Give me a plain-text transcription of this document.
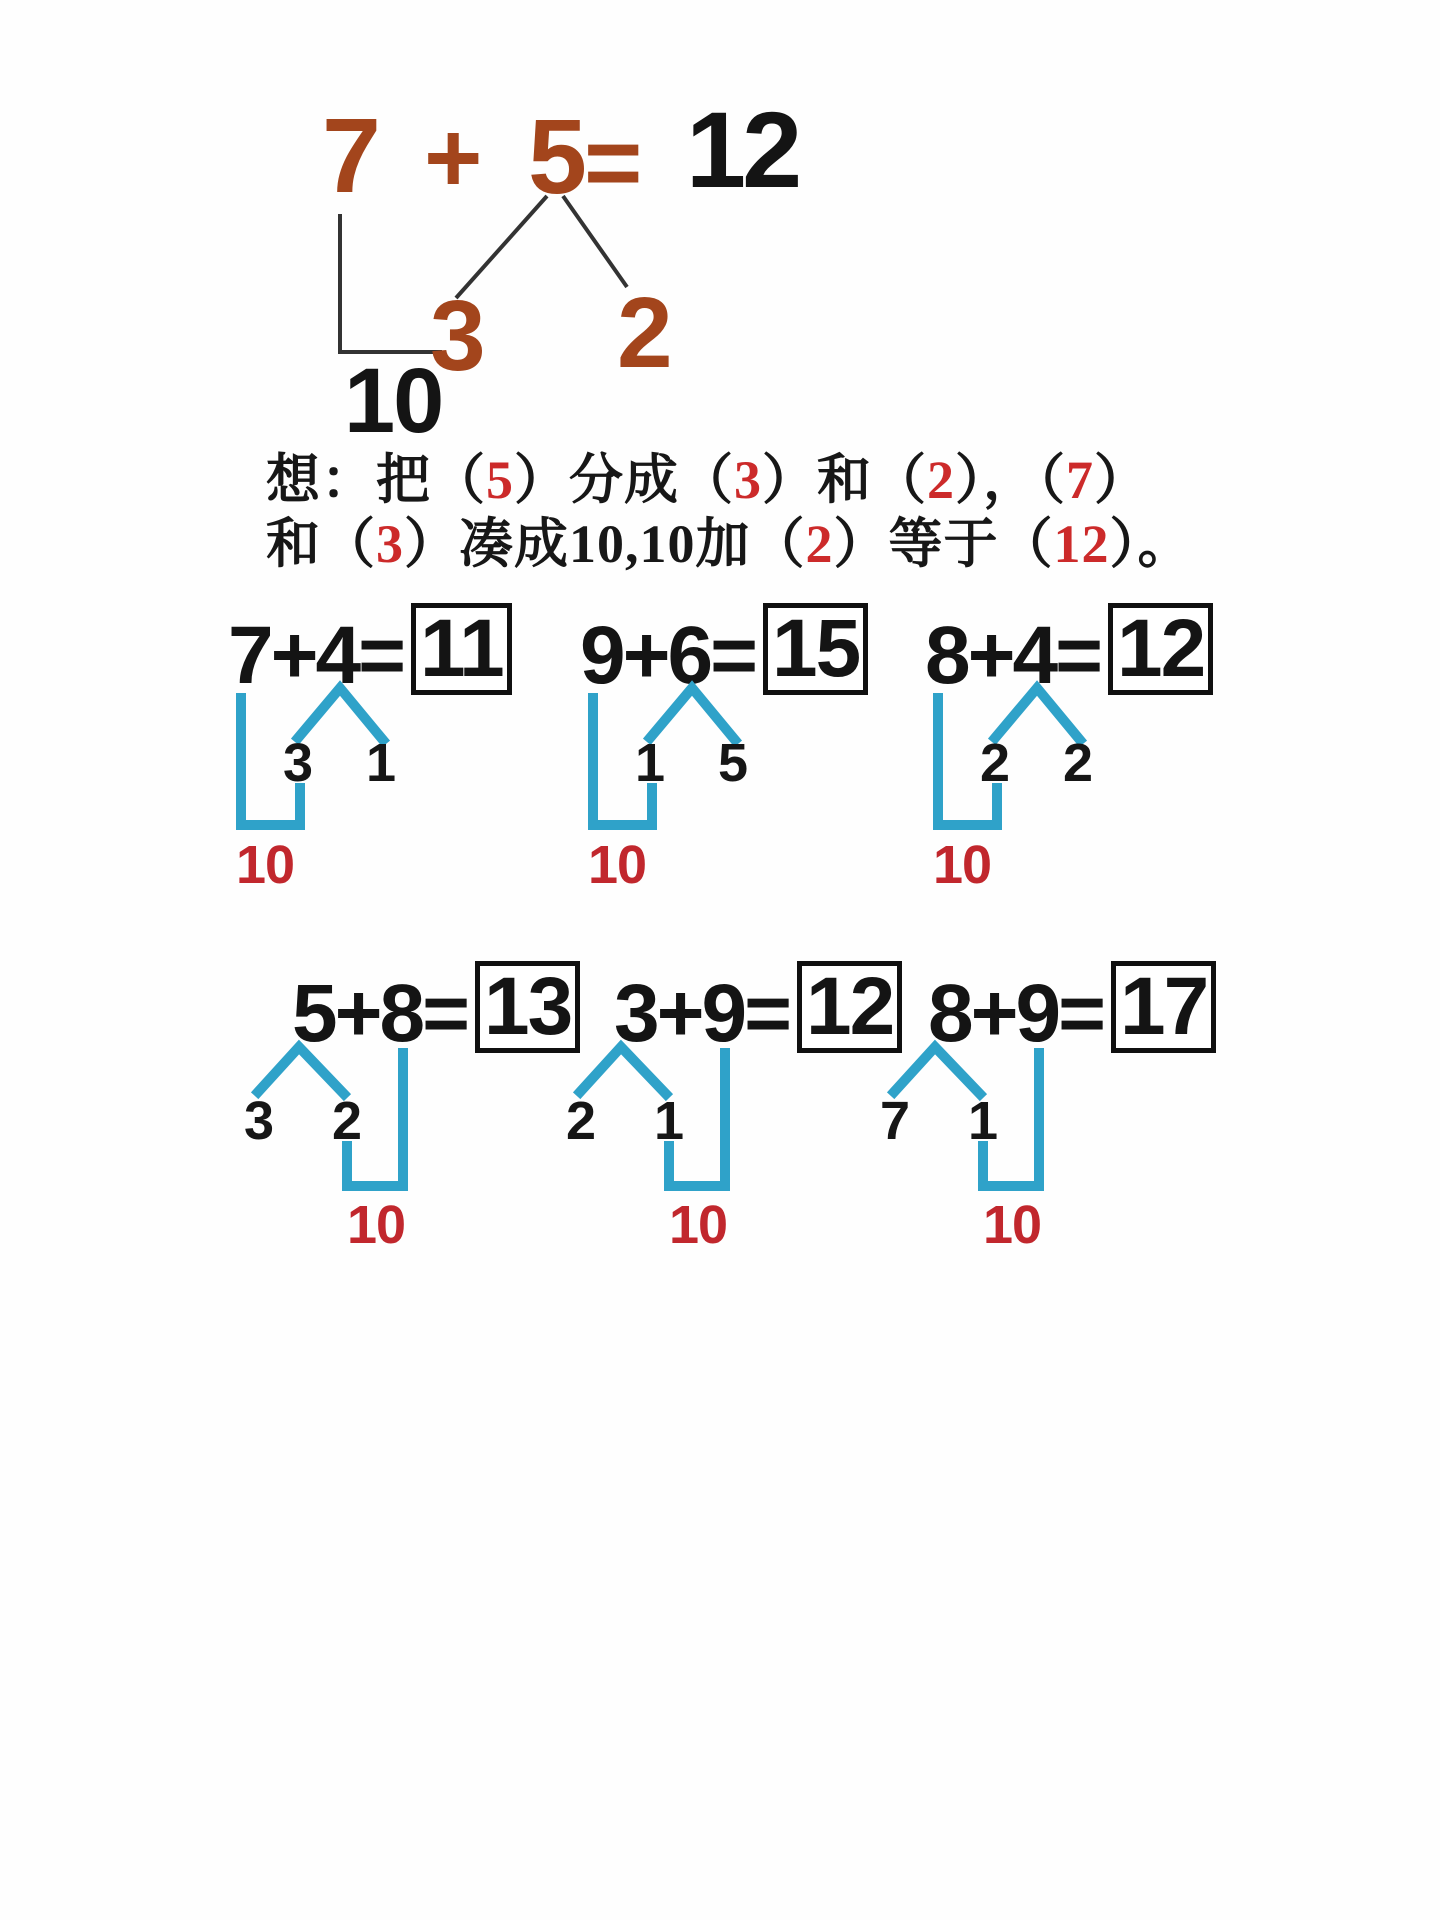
7 + 5
= 12
3 2
10
想：把（5）分成（3）和（2），（7）
和（3）凑成10,10加（2）等于（12）。
7+4= 11
3 1
10
9+6= 15
1 5
10
8+4= 12
2 2
10
5+8= 13
3 2
10
3+9= 12
2 1
10
8+9= 17
7 1
10
